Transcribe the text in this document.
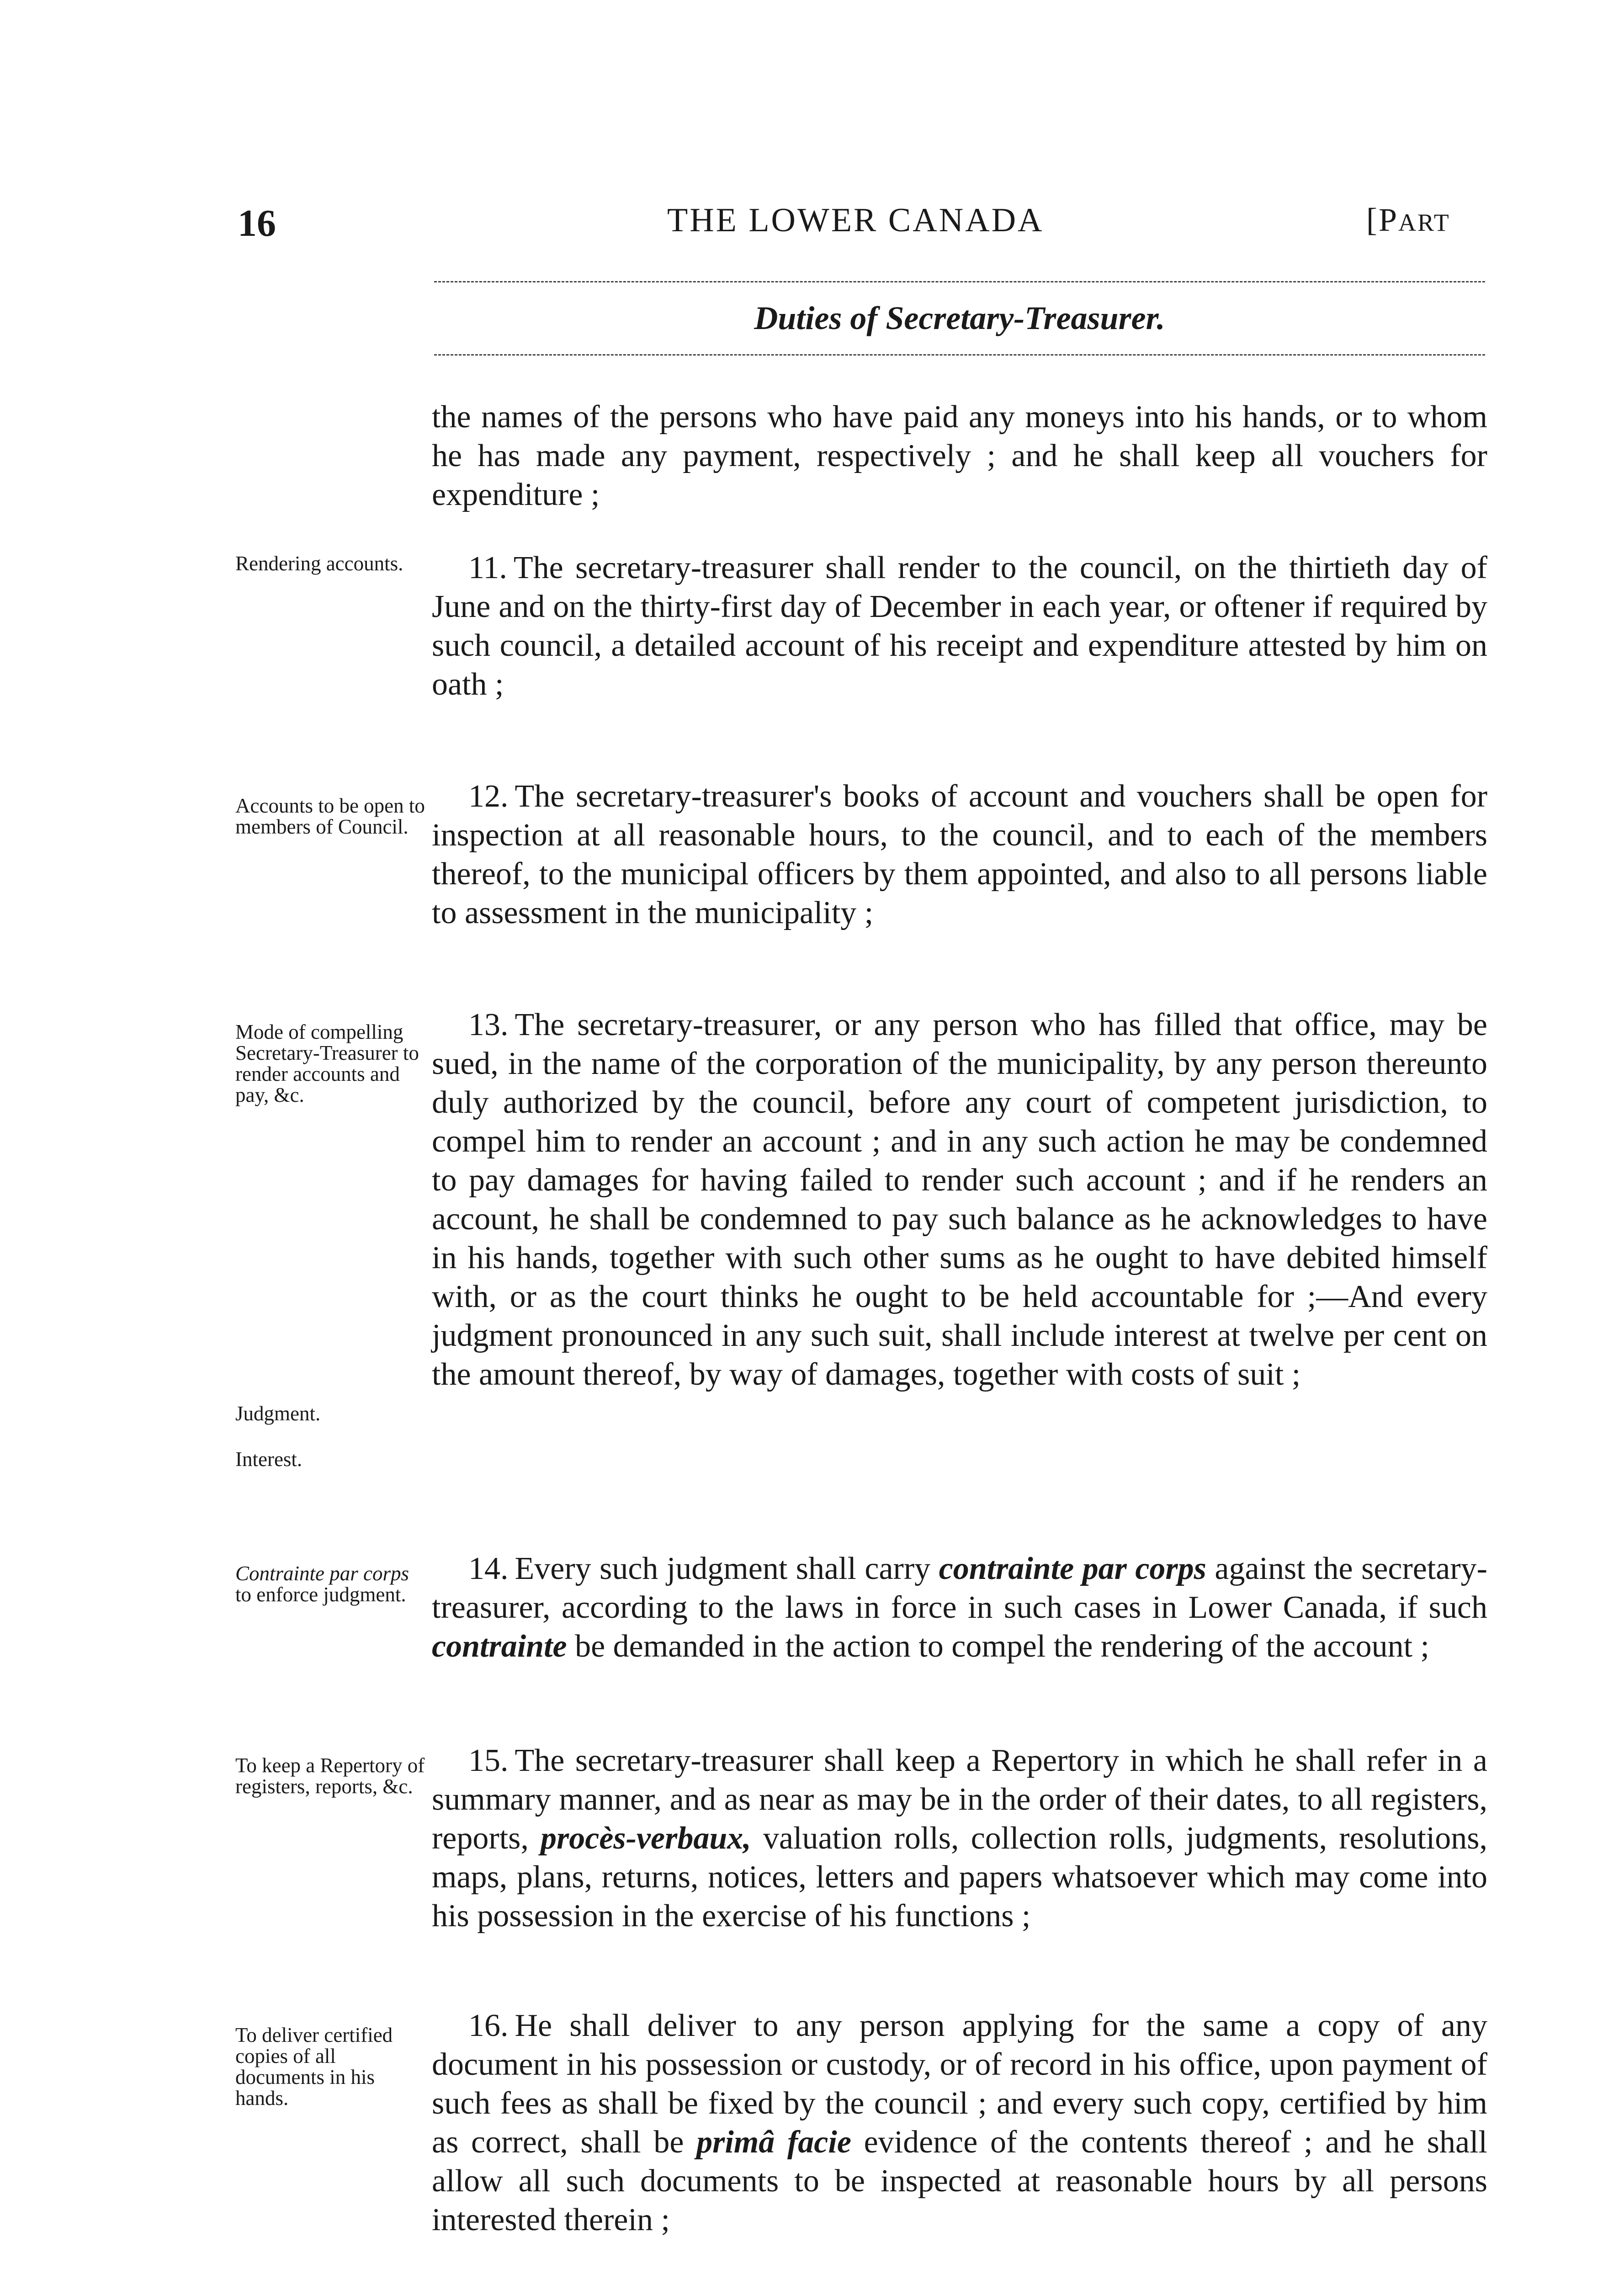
16	THE LOWER CANADA	[PART
Duties of Secretary-Treasurer.
the names of the persons who have paid any moneys into his hands, or to whom he has made any payment, respectively ; and he shall keep all vouchers for expenditure ;
11. The secretary-treasurer shall render to the council, on the thirtieth day of June and on the thirty-first day of December in each year, or oftener if required by such council, a detailed account of his receipt and expenditure attested by him on oath ;
12. The secretary-treasurer's books of account and vouchers shall be open for inspection at all reasonable hours, to the council, and to each of the members thereof, to the municipal officers by them appointed, and also to all persons liable to assessment in the municipality ;
13. The secretary-treasurer, or any person who has filled that office, may be sued, in the name of the corporation of the municipality, by any person thereunto duly authorized by the council, before any court of competent jurisdiction, to compel him to render an account ; and in any such action he may be condemned to pay damages for having failed to render such account ; and if he renders an account, he shall be condemned to pay such balance as he acknowledges to have in his hands, together with such other sums as he ought to have debited himself with, or as the court thinks he ought to be held accountable for ;—And every judgment pronounced in any such suit, shall include interest at twelve per cent on the amount thereof, by way of damages, together with costs of suit ;
14. Every such judgment shall carry contrainte par corps against the secretary-treasurer, according to the laws in force in such cases in Lower Canada, if such contrainte be demanded in the action to compel the rendering of the account ;
15. The secretary-treasurer shall keep a Repertory in which he shall refer in a summary manner, and as near as may be in the order of their dates, to all registers, reports, procès-verbaux, valuation rolls, collection rolls, judgments, resolutions, maps, plans, returns, notices, letters and papers whatsoever which may come into his possession in the exercise of his functions ;
16. He shall deliver to any person applying for the same a copy of any document in his possession or custody, or of record in his office, upon payment of such fees as shall be fixed by the council ; and every such copy, certified by him as correct, shall be primâ facie evidence of the contents thereof ; and he shall allow all such documents to be inspected at reasonable hours by all persons interested therein ;
Rendering accounts.
Accounts to be open to members of Council.
Mode of compelling Secretary-Treasurer to render accounts and pay, &c.
Judgment.
Interest.
Contrainte par corps to enforce judgment.
To keep a Repertory of registers, reports, &c.
To deliver certified copies of all documents in his hands.
